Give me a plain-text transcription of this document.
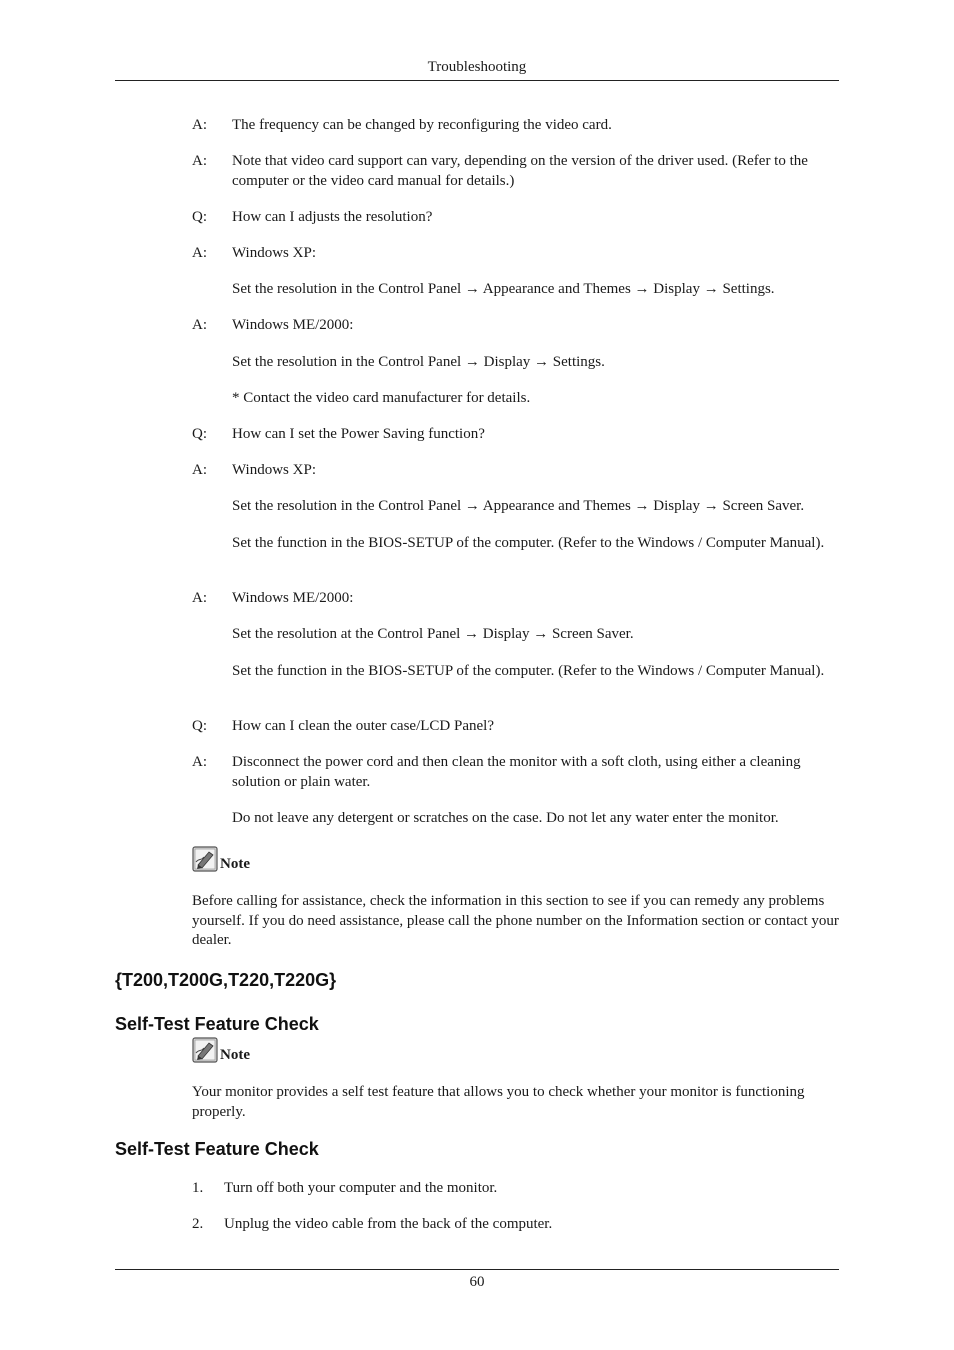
Troubleshooting
A:	The frequency can be changed by reconfiguring the video card.
A:	Note that video card support can vary, depending on the version of the driver used. (Refer to the computer or the video card manual for details.)
Q:	How can I adjusts the resolution?
A:	Windows XP:
Set the resolution in the Control Panel → Appearance and Themes → Display → Settings.
A:	Windows ME/2000:
Set the resolution in the Control Panel → Display → Settings.
* Contact the video card manufacturer for details.
Q:	How can I set the Power Saving function?
A:	Windows XP:
Set the resolution in the Control Panel → Appearance and Themes → Display → Screen Saver.
Set the function in the BIOS-SETUP of the computer. (Refer to the Windows / Computer Manual).
A:	Windows ME/2000:
Set the resolution at the Control Panel → Display → Screen Saver.
Set the function in the BIOS-SETUP of the computer. (Refer to the Windows / Computer Manual).
Q:	How can I clean the outer case/LCD Panel?
A:	Disconnect the power cord and then clean the monitor with a soft cloth, using either a cleaning solution or plain water.
Do not leave any detergent or scratches on the case. Do not let any water enter the monitor.
Note
Before calling for assistance, check the information in this section to see if you can remedy any problems yourself. If you do need assistance, please call the phone number on the Information section or contact your dealer.
{T200,T200G,T220,T220G}
Self-Test Feature Check
Note
Your monitor provides a self test feature that allows you to check whether your monitor is functioning properly.
Self-Test Feature Check
1.	Turn off both your computer and the monitor.
2.	Unplug the video cable from the back of the computer.
60
